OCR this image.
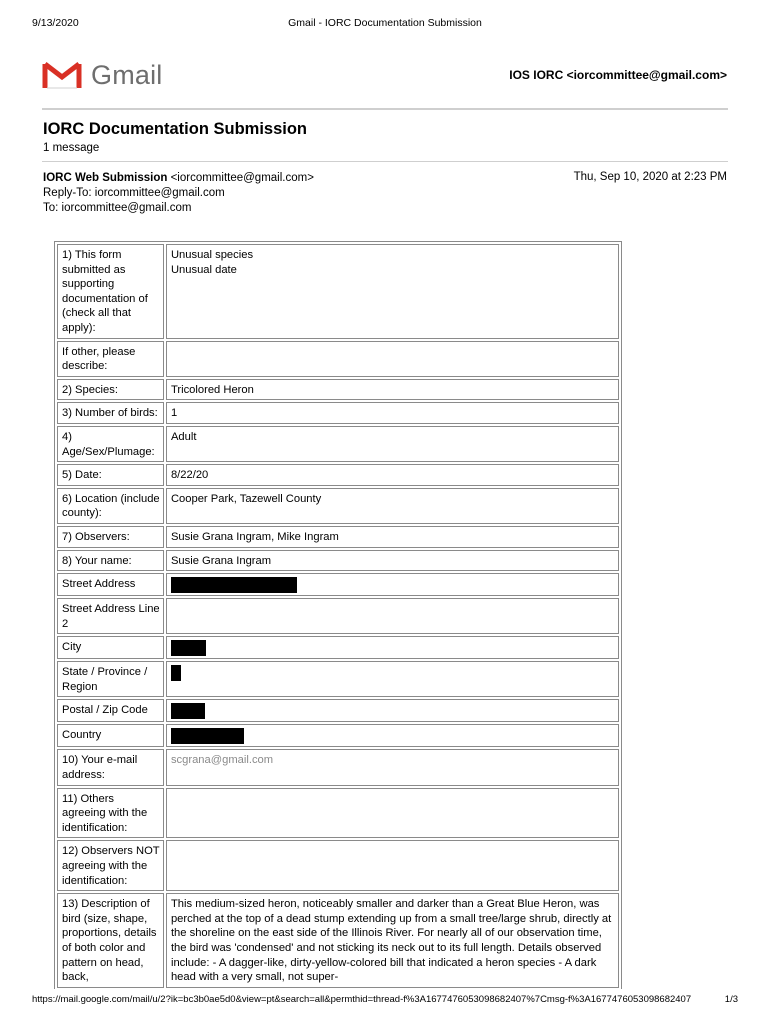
9/13/2020	Gmail - IORC Documentation Submission
Gmail	IOS IORC <iorcommittee@gmail.com>
IORC Documentation Submission
1 message
IORC Web Submission <iorcommittee@gmail.com>
Reply-To: iorcommittee@gmail.com
To: iorcommittee@gmail.com
Thu, Sep 10, 2020 at 2:23 PM
1) This form submitted as supporting documentation of (check all that apply):	Unusual species
Unusual date

If other, please describe:	
2) Species:	Tricolored Heron

3) Number of birds:	1

4) Age/Sex/Plumage:	Adult

5) Date:	8/22/20

6) Location (include county):	Cooper Park, Tazewell County

7) Observers:	Susie Grana Ingram, Mike Ingram

8) Your name:	Susie Grana Ingram

Street Address	
Street Address Line 2	
City	
State / Province / Region	
Postal / Zip Code	
Country	
10) Your e-mail address:	scgrana@gmail.com

11) Others agreeing with the identification:	
12) Observers NOT agreeing with the identification:	
13) Description of bird (size, shape, proportions, details of both color and pattern on head, back,	This medium-sized heron, noticeably smaller and darker than a Great Blue Heron, was perched at the top of a dead stump extending up from a small tree/large shrub, directly at the shoreline on the east side of the Illinois River. For nearly all of our observation time, the bird was 'condensed' and not sticking its neck out to its full length. Details observed include: - A dagger-like, dirty-yellow-colored bill that indicated a heron species - A dark head with a very small, not super-
https://mail.google.com/mail/u/2?ik=bc3b0ae5d0&view=pt&search=all&permthid=thread-f%3A1677476053098682407%7Cmsg-f%3A1677476053098682407	1/3
